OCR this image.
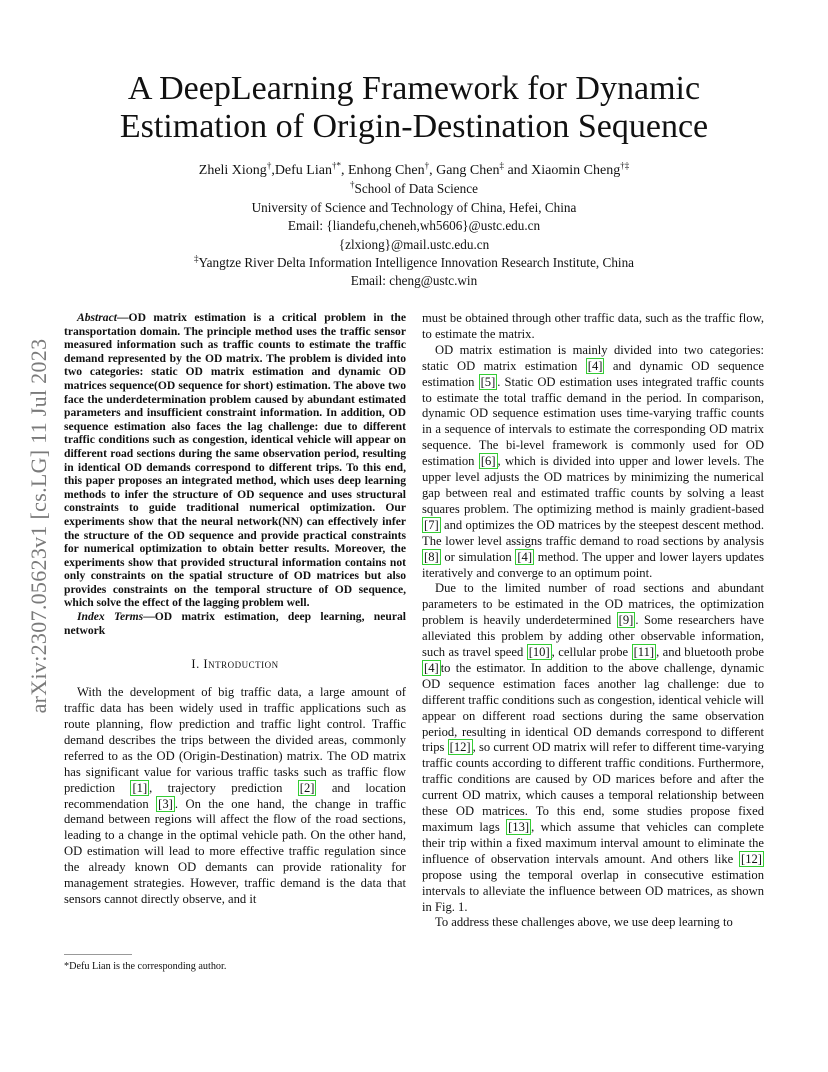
arXiv:2307.05623v1 [cs.LG] 11 Jul 2023
A DeepLearning Framework for Dynamic
Estimation of Origin-Destination Sequence
Zheli Xiong†,Defu Lian†*, Enhong Chen†, Gang Chen‡ and Xiaomin Cheng†‡
†School of Data Science
University of Science and Technology of China, Hefei, China
Email: {liandefu,cheneh,wh5606}@ustc.edu.cn
{zlxiong}@mail.ustc.edu.cn
‡Yangtze River Delta Information Intelligence Innovation Research Institute, China
Email: cheng@ustc.win

Abstract—OD matrix estimation is a critical problem in the transportation domain. The principle method uses the traffic sensor measured information such as traffic counts to estimate the traffic demand represented by the OD matrix. The problem is divided into two categories: static OD matrix estimation and dynamic OD matrices sequence(OD sequence for short) estimation. The above two face the underdetermination problem caused by abundant estimated parameters and insufficient constraint information. In addition, OD sequence estimation also faces the lag challenge: due to different traffic conditions such as congestion, identical vehicle will appear on different road sections during the same observation period, resulting in identical OD demands correspond to different trips. To this end, this paper proposes an integrated method, which uses deep learning methods to infer the structure of OD sequence and uses structural constraints to guide traditional numerical optimization. Our experiments show that the neural network(NN) can effectively infer the structure of the OD sequence and provide practical constraints for numerical optimization to obtain better results. Moreover, the experiments show that provided structural information contains not only constraints on the spatial structure of OD matrices but also provides constraints on the temporal structure of OD sequence, which solve the effect of the lagging problem well.

Index Terms—OD matrix estimation, deep learning, neural network

I. Introduction

With the development of big traffic data, a large amount of traffic data has been widely used in traffic applications such as route planning, flow prediction and traffic light control. Traffic demand describes the trips between the divided areas, commonly referred to as the OD (Origin-Destination) matrix. The OD matrix has significant value for various traffic tasks such as traffic flow prediction [1] , trajectory prediction [2] and location recommendation [3] . On the one hand, the change in traffic demand between regions will affect the flow of the road sections, leading to a change in the optimal vehicle path. On the other hand, OD estimation will lead to more effective traffic regulation since the already known OD demants can provide rationality for management strategies. However, traffic demand is the data that sensors cannot directly observe, and it

*Defu Lian is the corresponding author.

must be obtained through other traffic data, such as the traffic flow, to estimate the matrix.

OD matrix estimation is mainly divided into two categories: static OD matrix estimation [4] and dynamic OD sequence estimation [5] . Static OD estimation uses integrated traffic counts to estimate the total traffic demand in the period. In comparison, dynamic OD sequence estimation uses time-varying traffic counts in a sequence of intervals to estimate the corresponding OD matrix sequence. The bi-level framework is commonly used for OD estimation [6] , which is divided into upper and lower levels. The upper level adjusts the OD matrices by minimizing the numerical gap between real and estimated traffic counts by solving a least squares problem. The optimizing method is mainly gradient-based [7] and optimizes the OD matrices by the steepest descent method. The lower level assigns traffic demand to road sections by analysis [8] or simulation [4] method. The upper and lower layers updates iteratively and converge to an optimum point.

Due to the limited number of road sections and abundant parameters to be estimated in the OD matrices, the optimization problem is heavily underdetermined [9] . Some researchers have alleviated this problem by adding other observable information, such as travel speed [10] , cellular probe [11] , and bluetooth probe [4] to the estimator. In addition to the above challenge, dynamic OD sequence estimation faces another lag challenge: due to different traffic conditions such as congestion, identical vehicle will appear on different road sections during the same observation period, resulting in identical OD demands correspond to different trips [12] , so current OD matrix will refer to different time-varying traffic counts according to different traffic conditions. Furthermore, traffic conditions are caused by OD marices before and after the current OD matrix, which causes a temporal relationship between these OD matrices. To this end, some studies propose fixed maximum lags [13] , which assume that vehicles can complete their trip within a fixed maximum interval amount to eliminate the influence of observation intervals amount. And others like [12] propose using the temporal overlap in consecutive estimation intervals to alleviate the influence between OD matrices, as shown in Fig. 1.

To address these challenges above, we use deep learning to
